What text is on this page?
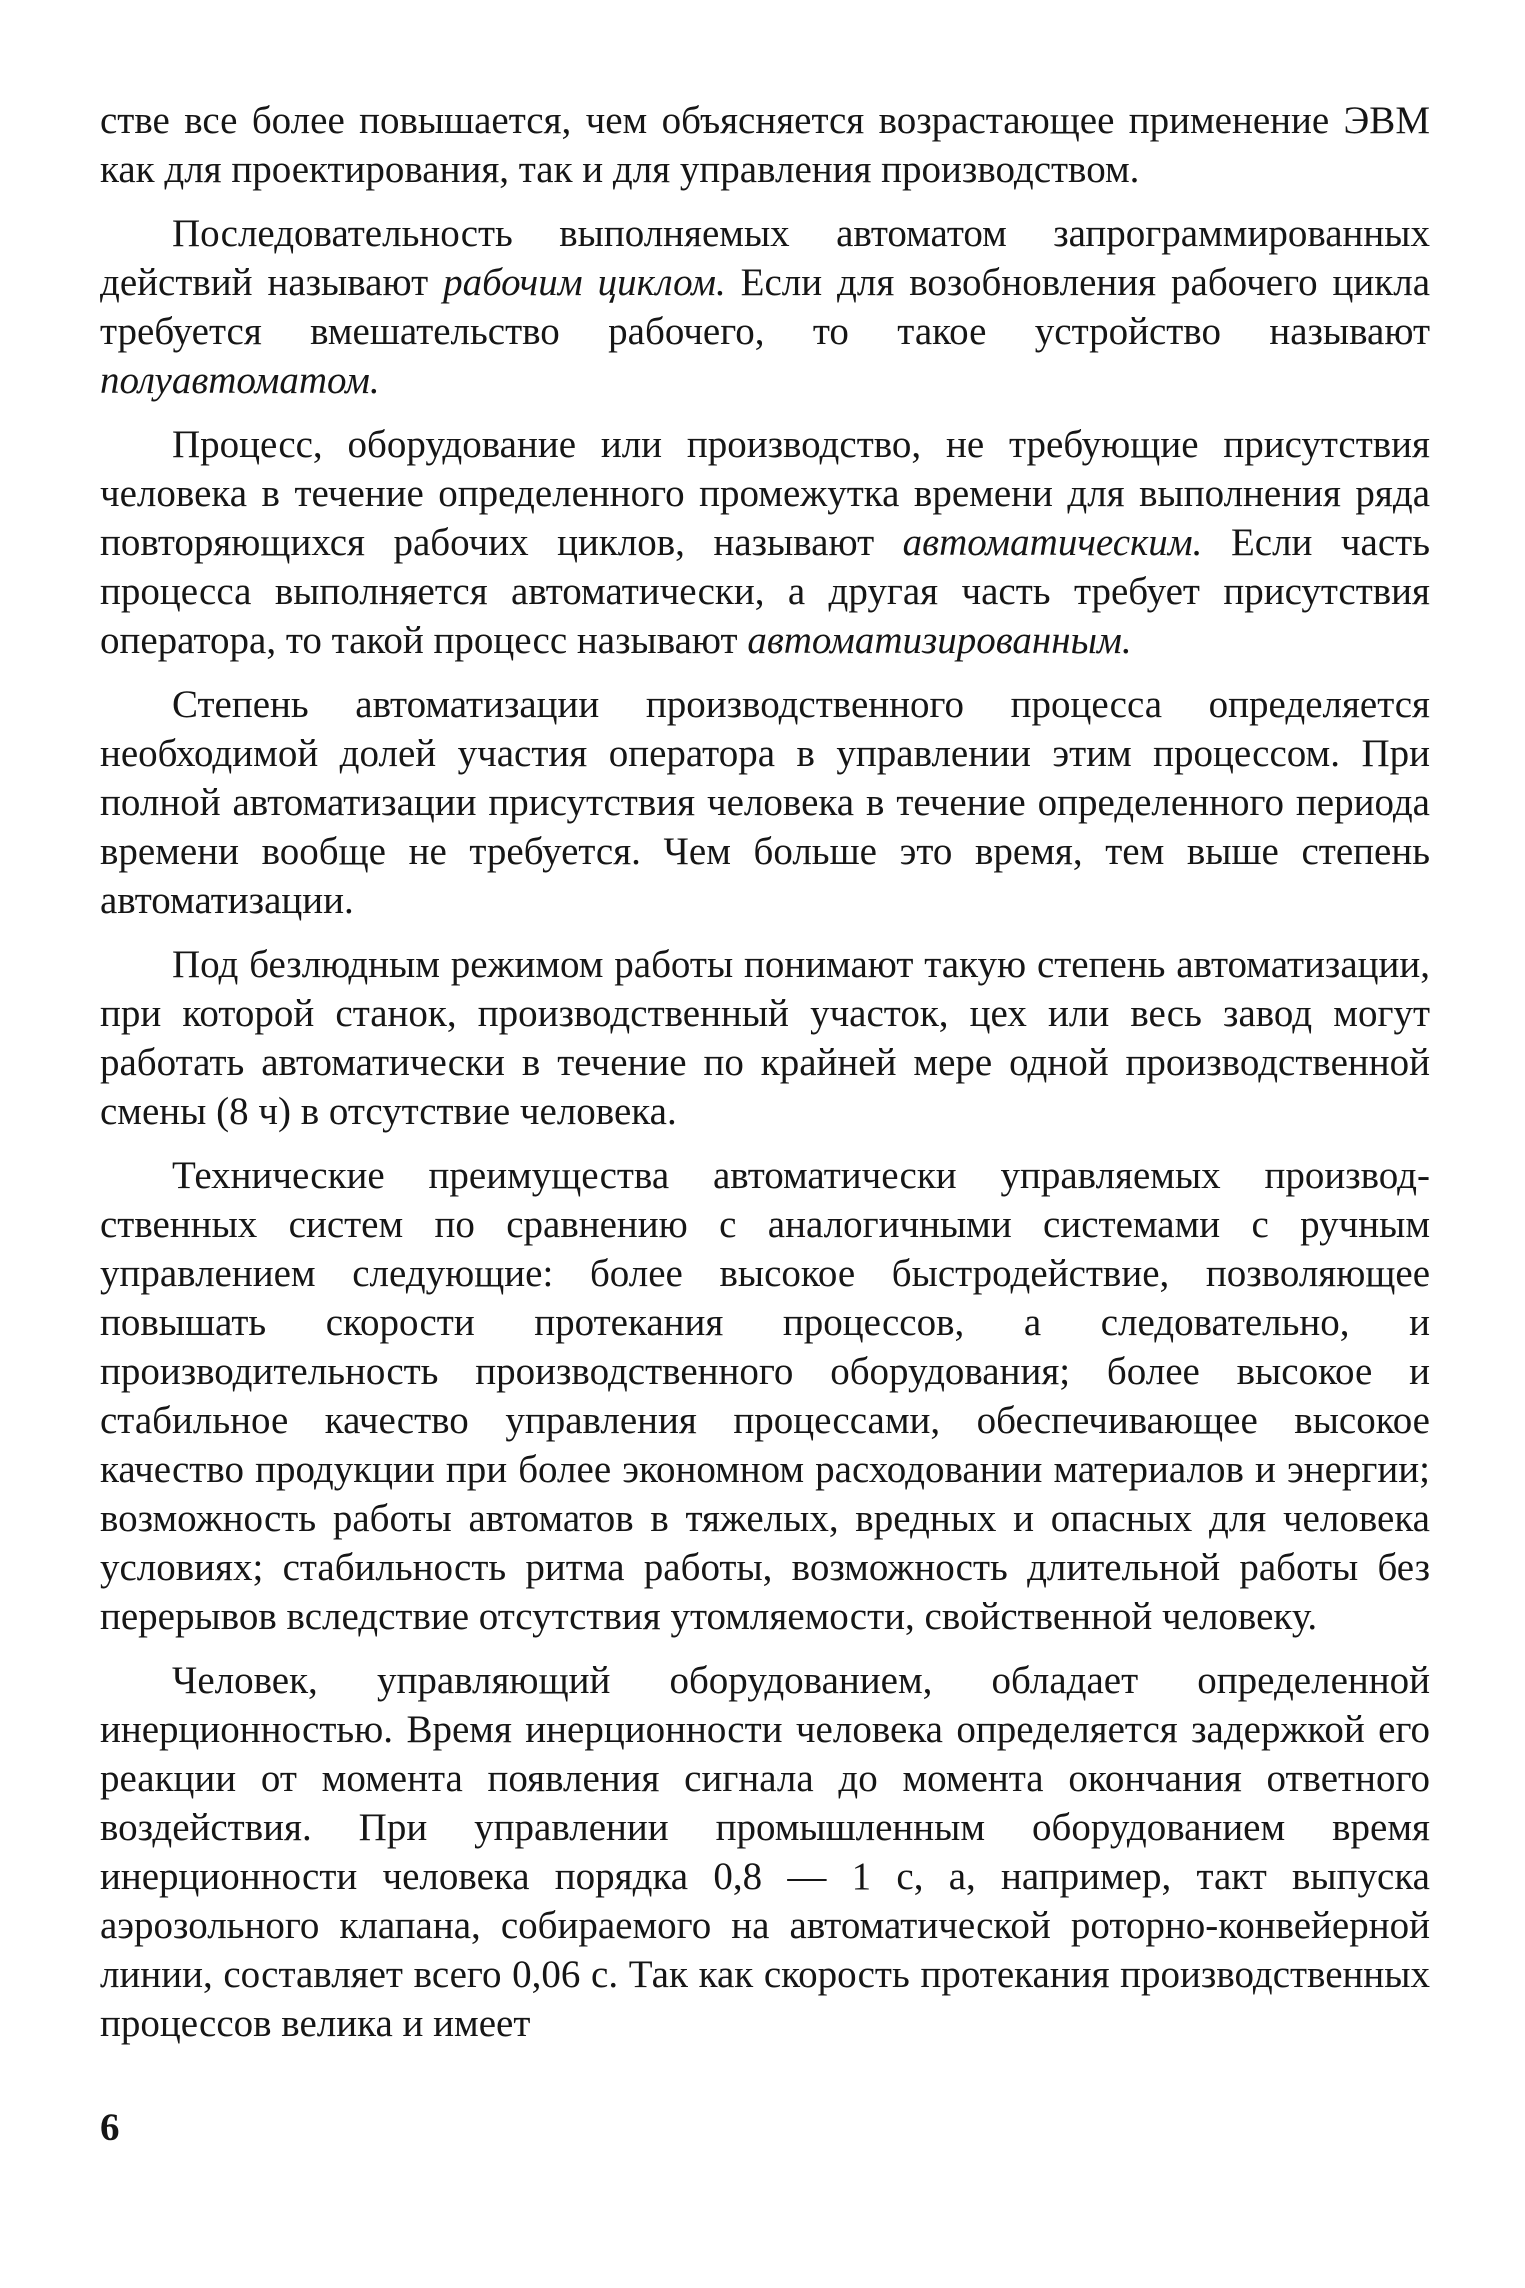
стве все более повышается, чем объясняется возрастающее применение ЭВМ как для проектирования, так и для управления производством.

Последовательность выполняемых автоматом запрограммированных действий называют рабочим циклом. Если для возобновления рабочего цикла требуется вмешательство рабочего, то такое устройство называют полуавтоматом.

Процесс, оборудование или производство, не требующие присутствия человека в течение определенного промежутка времени для выполнения ряда повторяющихся рабочих циклов, называют автоматическим. Если часть процесса выполняется автоматически, а другая часть требует присутствия оператора, то такой процесс называют автоматизированным.

Степень автоматизации производственного процесса определяется необходимой долей участия оператора в управлении этим процессом. При полной автоматизации присутствия человека в течение определенного периода времени вообще не требуется. Чем больше это время, тем выше степень автоматизации.

Под безлюдным режимом работы понимают такую степень автоматизации, при которой станок, производственный участок, цех или весь завод могут работать автоматически в течение по крайней мере одной производственной смены (8 ч) в отсутствие человека.

Технические преимущества автоматически управляемых производственных систем по сравнению с аналогичными системами с ручным управлением следующие: более высокое быстродействие, позволяющее повышать скорости протекания процессов, а следовательно, и производительность производственного оборудования; более высокое и стабильное качество управления процессами, обеспечивающее высокое качество продукции при более экономном расходовании материалов и энергии; возможность работы автоматов в тяжелых, вредных и опасных для человека условиях; стабильность ритма работы, возможность длительной работы без перерывов вследствие отсутствия утомляемости, свойственной человеку.

Человек, управляющий оборудованием, обладает определенной инерционностью. Время инерционности человека определяется задержкой его реакции от момента появления сигнала до момента окончания ответного воздействия. При управлении промышленным оборудованием время инерционности человека порядка 0,8 — 1 с, а, например, такт выпуска аэрозольного клапана, собираемого на автоматической роторно-конвейерной линии, составляет всего 0,06 с. Так как скорость протекания производственных процессов велика и имеет

6
